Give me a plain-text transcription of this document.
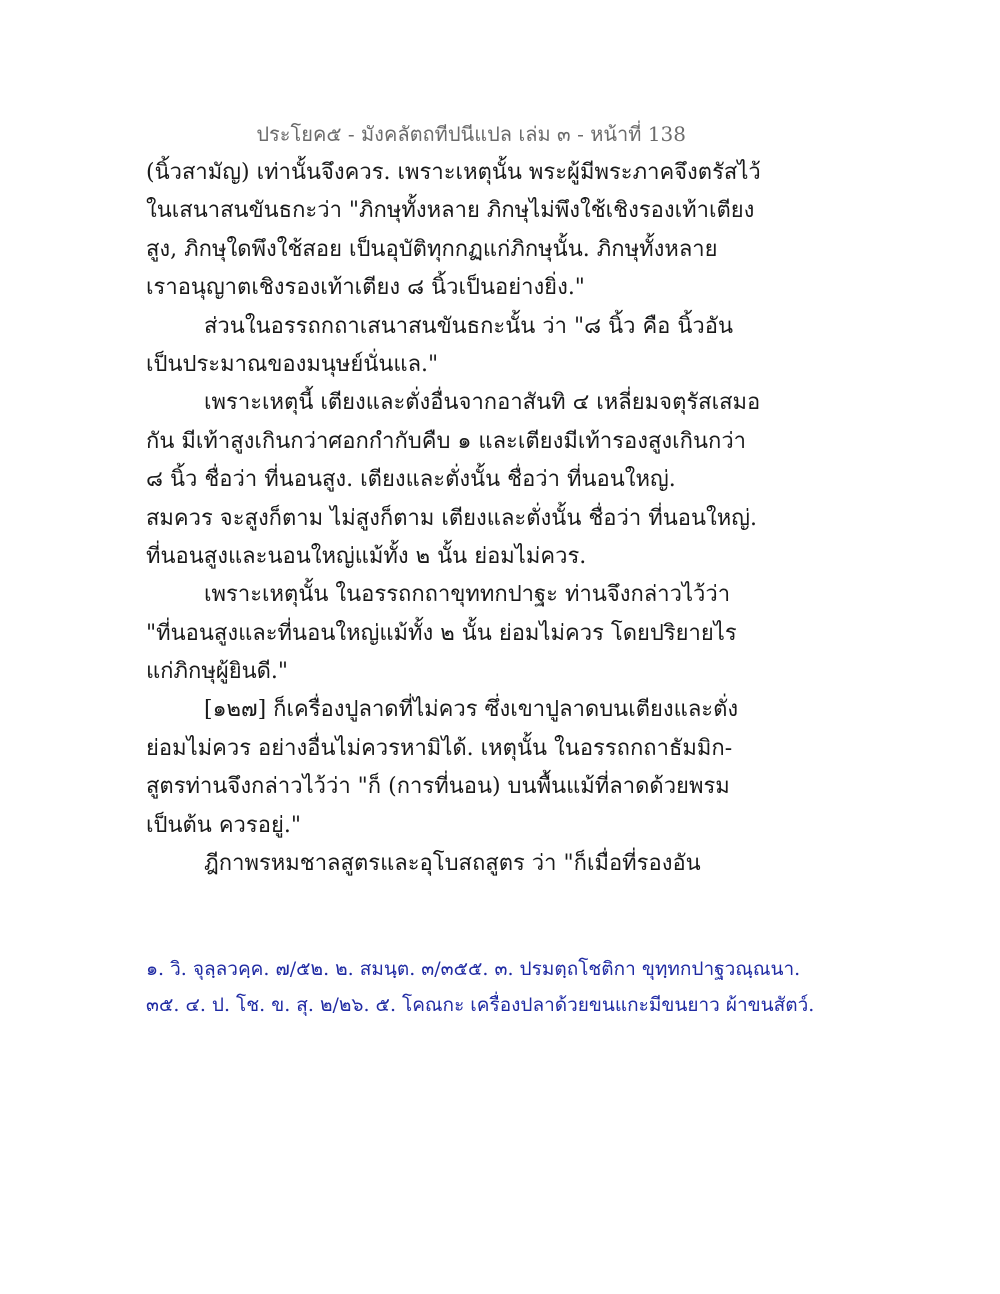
ประโยค๕ - มังคลัตถทีปนีแปล เล่ม ๓ - หน้าที่ 138
(นิ้วสามัญ) เท่านั้นจึงควร. เพราะเหตุนั้น พระผู้มีพระภาคจึงตรัสไว้
ในเสนาสนขันธกะว่า "ภิกษุทั้งหลาย ภิกษุไม่พึงใช้เชิงรองเท้าเตียง
สูง, ภิกษุใดพึงใช้สอย เป็นอุบัติทุกกฏแก่ภิกษุนั้น. ภิกษุทั้งหลาย
เราอนุญาตเชิงรองเท้าเตียง ๘ นิ้วเป็นอย่างยิ่ง."
ส่วนในอรรถกถาเสนาสนขันธกะนั้น ว่า "๘ นิ้ว คือ นิ้วอัน
เป็นประมาณของมนุษย์นั่นแล."
เพราะเหตุนี้ เตียงและตั่งอื่นจากอาสันทิ ๔ เหลี่ยมจตุรัสเสมอ
กัน มีเท้าสูงเกินกว่าศอกกำกับคืบ ๑ และเตียงมีเท้ารองสูงเกินกว่า
๘ นิ้ว ชื่อว่า ที่นอนสูง. เตียงและตั่งนั้น ชื่อว่า ที่นอนใหญ่.
สมควร จะสูงก็ตาม ไม่สูงก็ตาม เตียงและตั่งนั้น ชื่อว่า ที่นอนใหญ่.
ที่นอนสูงและนอนใหญ่แม้ทั้ง ๒ นั้น ย่อมไม่ควร.
เพราะเหตุนั้น ในอรรถกถาขุททกปาฐะ ท่านจึงกล่าวไว้ว่า
"ที่นอนสูงและที่นอนใหญ่แม้ทั้ง ๒ นั้น ย่อมไม่ควร โดยปริยายไร
แก่ภิกษุผู้ยินดี."
[๑๒๗] ก็เครื่องปูลาดที่ไม่ควร ซึ่งเขาปูลาดบนเตียงและตั่ง
ย่อมไม่ควร อย่างอื่นไม่ควรหามิได้. เหตุนั้น ในอรรถกถาธัมมิก-
สูตรท่านจึงกล่าวไว้ว่า "ก็ (การที่นอน) บนพื้นแม้ที่ลาดด้วยพรม
เป็นต้น ควรอยู่."
ฎีกาพรหมชาลสูตรและอุโบสถสูตร ว่า "ก็เมื่อที่รองอัน
๑. วิ. จุลฺลวคฺค. ๗/๕๒. ๒. สมนฺต. ๓/๓๕๕. ๓. ปรมตฺถโชติกา ขุทฺทกปาฐวณฺณนา.
๓๕. ๔. ป. โช. ข. สุ. ๒/๒๖. ๕. โคณกะ เครื่องปลาด้วยขนแกะมีขนยาว ผ้าขนสัตว์.
